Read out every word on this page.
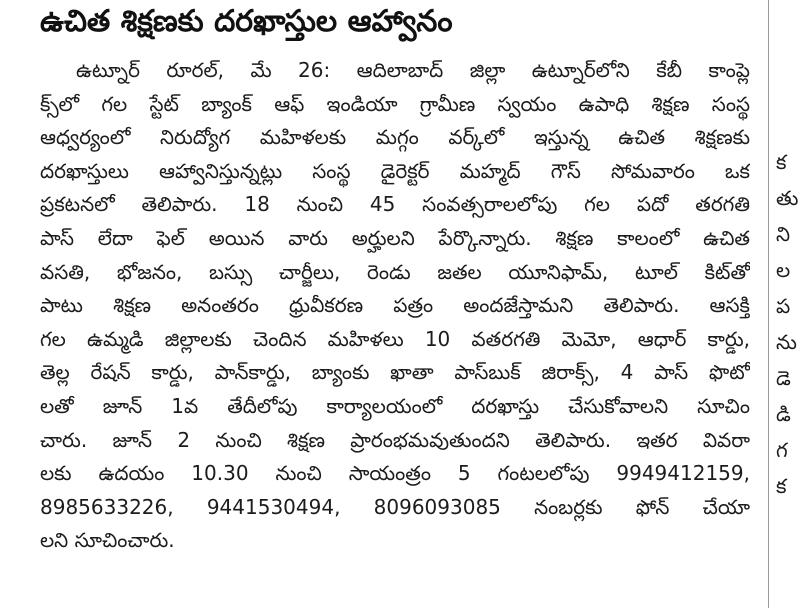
ఉచిత శిక్షణకు దరఖాస్తుల ఆహ్వానం
ఉట్నూర్ రూరల్, మే 26: ఆదిలాబాద్ జిల్లా ఉట్నూర్‌లోని కేబీ కాంప్లె
క్స్‌లో గల స్టేట్ బ్యాంక్ ఆఫ్ ఇండియా గ్రామీణ స్వయం ఉపాధి శిక్షణ సంస్థ
ఆధ్వర్యంలో నిరుద్యోగ మహిళలకు మగ్గం వర్క్‌లో ఇస్తున్న ఉచిత శిక్షణకు
దరఖాస్తులు ఆహ్వానిస్తున్నట్లు సంస్థ డైరెక్టర్ మహ్మద్ గౌస్ సోమవారం ఒక
ప్రకటనలో తెలిపారు. 18 నుంచి 45 సంవత్సరాలలోపు గల పదో తరగతి
పాస్ లేదా ఫెల్ అయిన వారు అర్హులని పేర్కొన్నారు. శిక్షణ కాలంలో ఉచిత
వసతి, భోజనం, బస్సు చార్జీలు, రెండు జతల యూనిఫామ్, టూల్ కిట్‌తో
పాటు శిక్షణ అనంతరం ధ్రువీకరణ పత్రం అందజేస్తామని తెలిపారు. ఆసక్తి
గల ఉమ్మడి జిల్లాలకు చెందిన మహిళలు 10 వతరగతి మెమో, ఆధార్ కార్డు,
తెల్ల రేషన్ కార్డు, పాన్‌కార్డు, బ్యాంకు ఖాతా పాస్‌బుక్ జిరాక్స్, 4 పాస్ ఫొటో
లతో జూన్ 1వ తేదీలోపు కార్యాలయంలో దరఖాస్తు చేసుకోవాలని సూచిం
చారు. జూన్ 2 నుంచి శిక్షణ ప్రారంభమవుతుందని తెలిపారు. ఇతర వివరా
లకు ఉదయం 10.30 నుంచి సాయంత్రం 5 గంటలలోపు 9949412159,
8985633226, 9441530494, 8096093085 నంబర్లకు ఫోన్ చేయా
లని సూచించారు.
క
తు
ని
ల
ప
ను
డె
డి
గ
క
